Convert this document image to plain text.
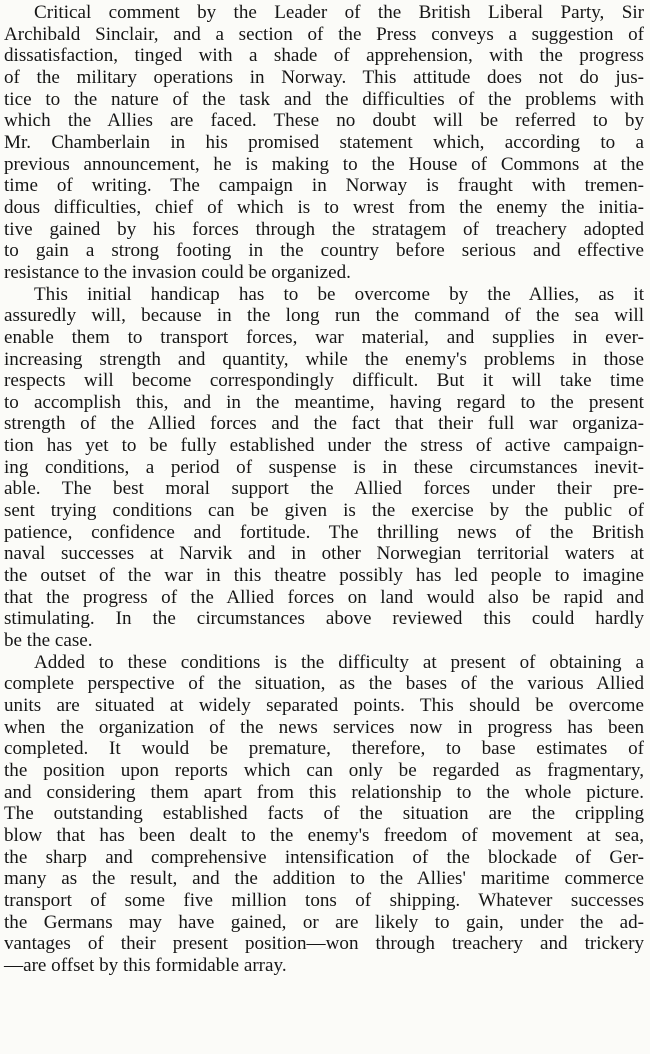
Critical comment by the Leader of the British Liberal Party, Sir
Archibald Sinclair, and a section of the Press conveys a suggestion of
dissatisfaction, tinged with a shade of apprehension, with the progress
of the military operations in Norway. This attitude does not do jus-
tice to the nature of the task and the difficulties of the problems with
which the Allies are faced. These no doubt will be referred to by
Mr. Chamberlain in his promised statement which, according to a
previous announcement, he is making to the House of Commons at the
time of writing. The campaign in Norway is fraught with tremen-
dous difficulties, chief of which is to wrest from the enemy the initia-
tive gained by his forces through the stratagem of treachery adopted
to gain a strong footing in the country before serious and effective
resistance to the invasion could be organized.

This initial handicap has to be overcome by the Allies, as it
assuredly will, because in the long run the command of the sea will
enable them to transport forces, war material, and supplies in ever-
increasing strength and quantity, while the enemy's problems in those
respects will become correspondingly difficult. But it will take time
to accomplish this, and in the meantime, having regard to the present
strength of the Allied forces and the fact that their full war organiza-
tion has yet to be fully established under the stress of active campaign-
ing conditions, a period of suspense is in these circumstances inevit-
able. The best moral support the Allied forces under their pre-
sent trying conditions can be given is the exercise by the public of
patience, confidence and fortitude. The thrilling news of the British
naval successes at Narvik and in other Norwegian territorial waters at
the outset of the war in this theatre possibly has led people to imagine
that the progress of the Allied forces on land would also be rapid and
stimulating. In the circumstances above reviewed this could hardly
be the case.

Added to these conditions is the difficulty at present of obtaining a
complete perspective of the situation, as the bases of the various Allied
units are situated at widely separated points. This should be overcome
when the organization of the news services now in progress has been
completed. It would be premature, therefore, to base estimates of
the position upon reports which can only be regarded as fragmentary,
and considering them apart from this relationship to the whole picture.
The outstanding established facts of the situation are the crippling
blow that has been dealt to the enemy's freedom of movement at sea,
the sharp and comprehensive intensification of the blockade of Ger-
many as the result, and the addition to the Allies' maritime commerce
transport of some five million tons of shipping. Whatever successes
the Germans may have gained, or are likely to gain, under the ad-
vantages of their present position—won through treachery and trickery
—are offset by this formidable array.
